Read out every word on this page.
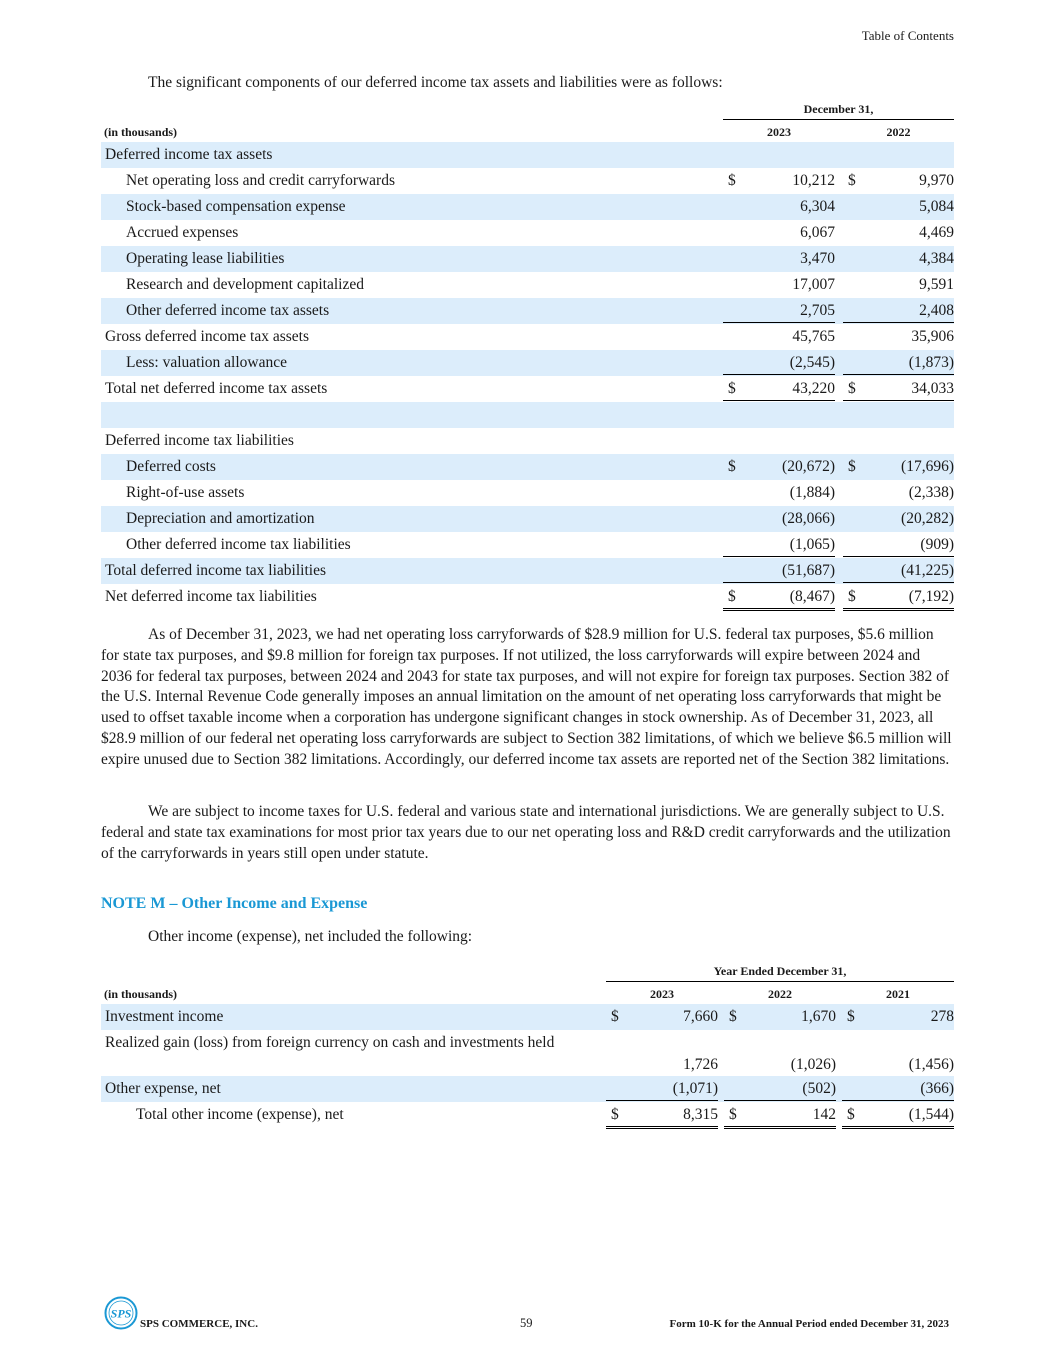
Table of Contents
The significant components of our deferred income tax assets and liabilities were as follows:
December 31,
(in thousands)	2023	2022
Deferred income tax assets
Net operating loss and credit carryforwards	$	10,212 $	9,970
Stock-based compensation expense	6,304	5,084
Accrued expenses	6,067	4,469
Operating lease liabilities	3,470	4,384
Research and development capitalized	17,007	9,591
Other deferred income tax assets	2,705	2,408
Gross deferred income tax assets	45,765	35,906
Less: valuation allowance	(2,545)	(1,873)
Total net deferred income tax assets	$	43,220 $	34,033
Deferred income tax liabilities
Deferred costs	$	(20,672) $	(17,696)
Right-of-use assets	(1,884)	(2,338)
Depreciation and amortization	(28,066)	(20,282)
Other deferred income tax liabilities	(1,065)	(909)
Total deferred income tax liabilities	(51,687)	(41,225)
Net deferred income tax liabilities	$	(8,467) $	(7,192)

As of December 31, 2023, we had net operating loss carryforwards of $28.9 million for U.S. federal tax purposes, $5.6 million for state tax purposes, and $9.8 million for foreign tax purposes. If not utilized, the loss carryforwards will expire between 2024 and 2036 for federal tax purposes, between 2024 and 2043 for state tax purposes, and will not expire for foreign tax purposes. Section 382 of the U.S. Internal Revenue Code generally imposes an annual limitation on the amount of net operating loss carryforwards that might be used to offset taxable income when a corporation has undergone significant changes in stock ownership. As of December 31, 2023, all $28.9 million of our federal net operating loss carryforwards are subject to Section 382 limitations, of which we believe $6.5 million will expire unused due to Section 382 limitations. Accordingly, our deferred income tax assets are reported net of the Section 382 limitations.

We are subject to income taxes for U.S. federal and various state and international jurisdictions. We are generally subject to U.S. federal and state tax examinations for most prior tax years due to our net operating loss and R&D credit carryforwards and the utilization of the carryforwards in years still open under statute.

NOTE M – Other Income and Expense
Other income (expense), net included the following:
Year Ended December 31,
(in thousands)	2023	2022	2021
Investment income	$	7,660 $	1,670 $	278
Realized gain (loss) from foreign currency on cash and investments held
1,726	(1,026)	(1,456)
Other expense, net	(1,071)	(502)	(366)
Total other income (expense), net	$	8,315 $	142 $	(1,544)
SPS
SPS COMMERCE, INC.	59	Form 10-K for the Annual Period ended December 31, 2023
